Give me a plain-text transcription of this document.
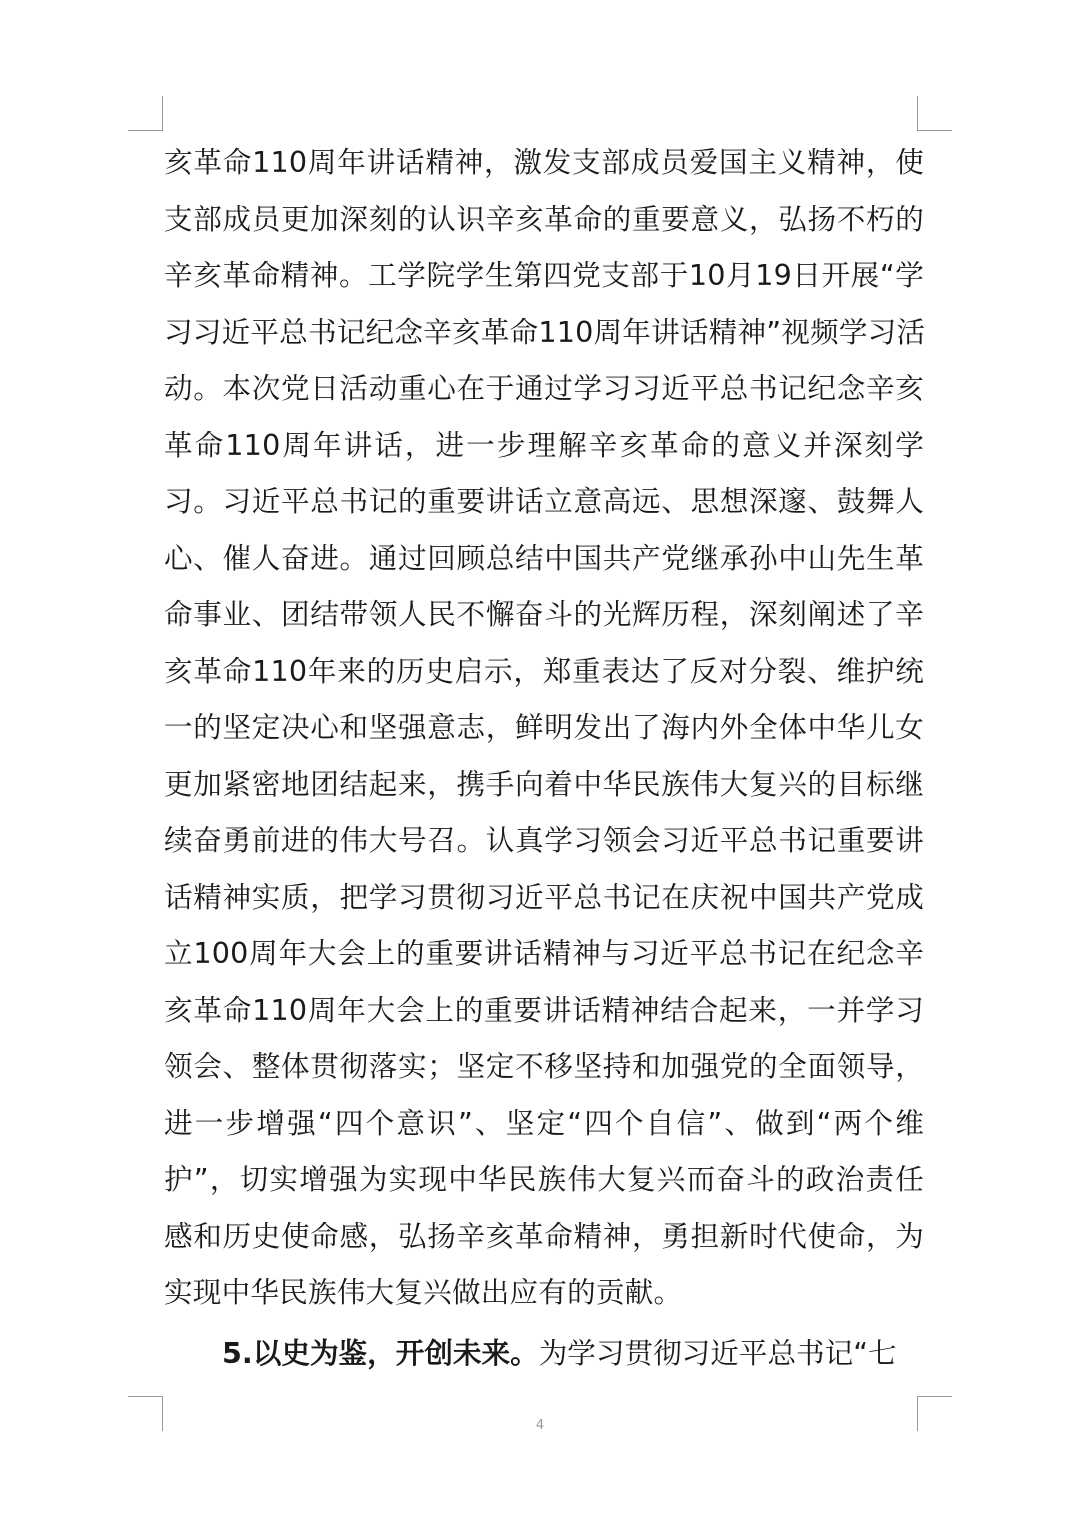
亥革命110周年讲话精神，激发支部成员爱国主义精神，使
支部成员更加深刻的认识辛亥革命的重要意义，弘扬不朽的
辛亥革命精神。工学院学生第四党支部于10月19日开展“学
习习近平总书记纪念辛亥革命110周年讲话精神”视频学习活
动。本次党日活动重心在于通过学习习近平总书记纪念辛亥
革命110周年讲话，进一步理解辛亥革命的意义并深刻学
习。习近平总书记的重要讲话立意高远、思想深邃、鼓舞人
心、催人奋进。通过回顾总结中国共产党继承孙中山先生革
命事业、团结带领人民不懈奋斗的光辉历程，深刻阐述了辛
亥革命110年来的历史启示，郑重表达了反对分裂、维护统
一的坚定决心和坚强意志，鲜明发出了海内外全体中华儿女
更加紧密地团结起来，携手向着中华民族伟大复兴的目标继
续奋勇前进的伟大号召。认真学习领会习近平总书记重要讲
话精神实质，把学习贯彻习近平总书记在庆祝中国共产党成
立100周年大会上的重要讲话精神与习近平总书记在纪念辛
亥革命110周年大会上的重要讲话精神结合起来，一并学习
领会、整体贯彻落实；坚定不移坚持和加强党的全面领导，
进一步增强“四个意识”、坚定“四个自信”、做到“两个维
护”，切实增强为实现中华民族伟大复兴而奋斗的政治责任
感和历史使命感，弘扬辛亥革命精神，勇担新时代使命，为
实现中华民族伟大复兴做出应有的贡献。
5.以史为鉴，开创未来。为学习贯彻习近平总书记“七
4
